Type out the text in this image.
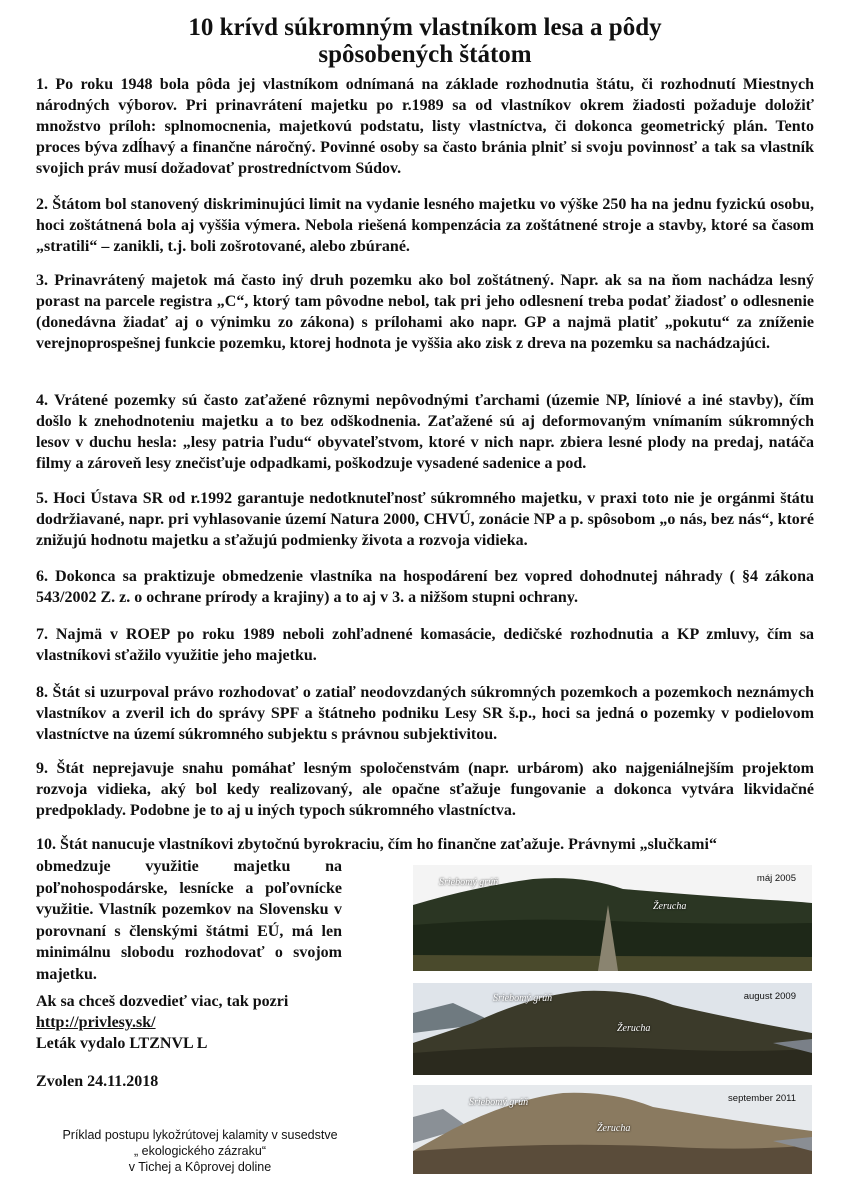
10 krívd súkromným vlastníkom lesa a pôdy
spôsobených štátom

1. Po roku 1948 bola pôda jej vlastníkom odnímaná na základe rozhodnutia štátu, či rozhodnutí Miestnych národných výborov. Pri prinavrátení majetku po r.1989 sa od vlastníkov okrem žiadosti požaduje doložiť množstvo príloh: splnomocnenia, majetkovú podstatu, listy vlastníctva, či dokonca geometrický plán. Tento proces býva zdĺhavý a finančne náročný. Povinné osoby sa často bránia plniť si svoju povinnosť a tak sa vlastník svojich práv musí dožadovať prostredníctvom Súdov.

2. Štátom bol stanovený diskriminujúci limit na vydanie lesného majetku vo výške 250 ha na jednu fyzickú osobu, hoci zoštátnená bola aj vyššia výmera. Nebola riešená kompenzácia za zoštátnené stroje a stavby, ktoré sa časom „stratili“ – zanikli, t.j. boli zošrotované, alebo zbúrané.

3. Prinavrátený majetok má často iný druh pozemku ako bol zoštátnený. Napr. ak sa na ňom nachádza lesný porast na parcele registra „C“, ktorý tam pôvodne nebol, tak pri jeho odlesnení treba podať žiadosť o odlesnenie (donedávna žiadať aj o výnimku zo zákona) s prílohami ako napr. GP a najmä platiť „pokutu“ za zníženie verejnoprospešnej funkcie pozemku, ktorej hodnota je vyššia ako zisk z dreva na pozemku sa nachádzajúci.

4. Vrátené pozemky sú často zaťažené rôznymi nepôvodnými ťarchami (územie NP, líniové a iné stavby), čím došlo k znehodnoteniu majetku a to bez odškodnenia. Zaťažené sú aj deformovaným vnímaním súkromných lesov v duchu hesla: „lesy patria ľudu“ obyvateľstvom, ktoré v nich napr. zbiera lesné plody na predaj, natáča filmy a zároveň lesy znečisťuje odpadkami, poškodzuje vysadené sadenice a pod.

5. Hoci Ústava SR od r.1992 garantuje nedotknuteľnosť súkromného majetku, v praxi toto nie je orgánmi štátu dodržiavané, napr. pri vyhlasovanie území Natura 2000, CHVÚ, zonácie NP a p. spôsobom „o nás, bez nás“, ktoré znižujú hodnotu majetku a sťažujú podmienky života a rozvoja vidieka.

6. Dokonca sa praktizuje obmedzenie vlastníka na hospodárení bez vopred dohodnutej náhrady ( §4 zákona 543/2002 Z. z. o ochrane prírody a krajiny) a to aj v 3. a nižšom stupni ochrany.

7. Najmä v ROEP po roku 1989 neboli zohľadnené komasácie, dedičské rozhodnutia a KP zmluvy, čím sa vlastníkovi sťažilo využitie jeho majetku.

8. Štát si uzurpoval právo rozhodovať o zatiaľ neodovzdaných súkromných pozemkoch a pozemkoch neznámych vlastníkov a zveril ich do správy SPF a štátneho podniku Lesy SR š.p., hoci sa jedná o pozemky v podielovom vlastníctve na území súkromného subjektu s právnou subjektivitou.

9. Štát neprejavuje snahu pomáhať lesným spoločenstvám (napr. urbárom) ako najgeniálnejším projektom rozvoja vidieka, aký bol kedy realizovaný, ale opačne sťažuje fungovanie a dokonca vytvára likvidačné predpoklady. Podobne je to aj u iných typoch súkromného vlastníctva.

10. Štát nanucuje vlastníkovi zbytočnú byrokraciu, čím ho finančne zaťažuje. Právnymi „slučkami“
obmedzuje využitie majetku na poľnohospodárske, lesnícke a poľovnícke využitie. Vlastník pozemkov na Slovensku v porovnaní s členskými štátmi EÚ, má len minimálnu slobodu rozhodovať o svojom majetku.
Ak sa chceš dozvedieť viac, tak pozri
http://privlesy.sk/
Leták vydalo LTZNVL L
Zvolen 24.11.2018
Príklad postupu lykožrútovej kalamity v susedstve
„ ekologického zázraku“
v Tichej a Kôprovej doline
Sriebomý grúň
Žerucha
máj 2005
Sriebomý grúň
Žerucha
august 2009
Sriebomý grúň
Žerucha
september 2011
